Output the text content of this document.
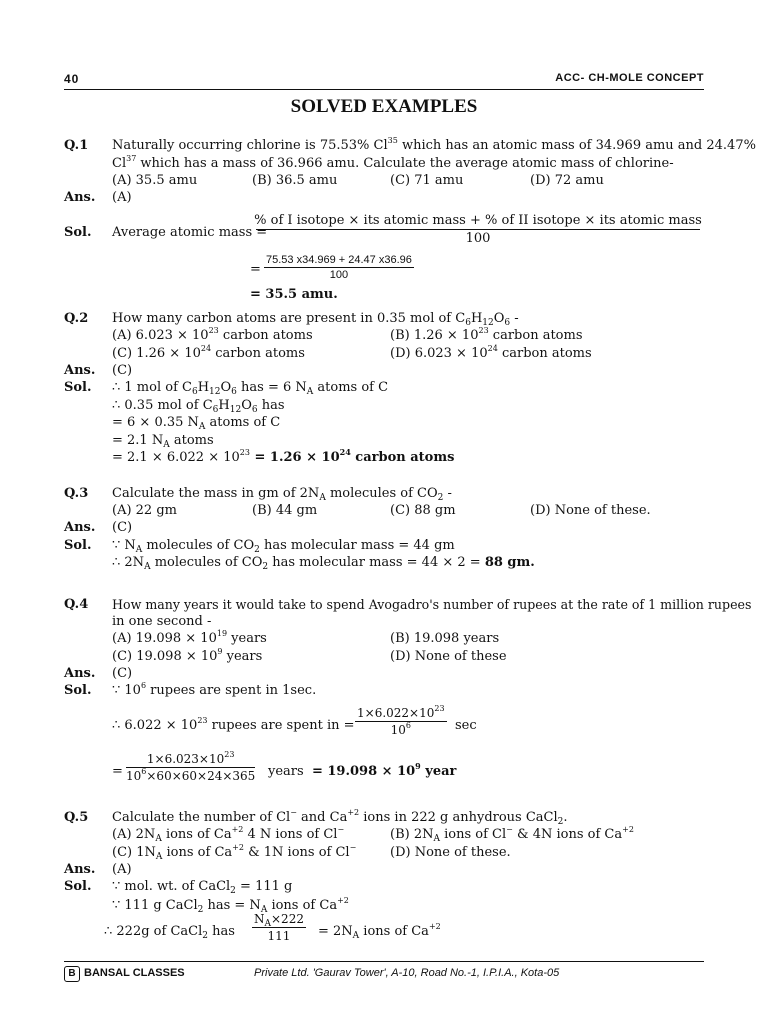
40	ACC- CH-MOLE CONCEPT
SOLVED EXAMPLES
Q.1 Naturally occurring chlorine is 75.53% Cl$^{35}$ which has an atomic mass of 34.969 amu and 24.47%
Cl$^{37}$ which has a mass of 36.966 amu. Calculate the average atomic mass of chlorine-
(A) 35.5 amu	(B) 36.5 amu	(C) 71 amu	(D) 72 amu
Ans. (A)
Sol. Average atomic mass =
% of I isotope × its atomic mass + % of II isotope × its atomic mass
100
=
75.53 x34.969 + 24.47 x36.96
100
= 35.5 amu.
Q.2 How many carbon atoms are present in 0.35 mol of $C_6H_{12}O_6$ -
(A) $6.023 \times 10^{23}$ carbon atoms	(B) $1.26 \times 10^{23}$ carbon atoms
(C) $1.26 \times 10^{24}$ carbon atoms	(D) $6.023 \times 10^{24}$ carbon atoms
Ans. (C)
Sol. ∴ 1 mol of $C_6H_{12}O_6$ has = 6 $N_A$ atoms of C
∴ 0.35 mol of $C_6H_{12}O_6$ has
= 6 × 0.35 $N_A$ atoms of C
= 2.1 $N_A$ atoms
= $2.1 \times 6.022 \times 10^{23} = 1.26 \times 10^{24}$ carbon atoms
Q.3 Calculate the mass in gm of $2N_A$ molecules of $CO_2$ -
(A) 22 gm	(B) 44 gm	(C) 88 gm	(D) None of these.
Ans. (C)
Sol. ∵ $N_A$ molecules of $CO_2$ has molecular mass = 44 gm
∴ $2N_A$ molecules of $CO_2$ has molecular mass = 44 × 2 = 88 gm.
Q.4 How many years it would take to spend Avogadro's number of rupees at the rate of 1 million rupees
in one second -
(A) $19.098 \times 10^{19}$ years	(B) 19.098 years
(C) $19.098 \times 10^9$ years	(D) None of these
Ans. (C)
Sol. ∵ $10^6$ rupees are spent in 1sec.
∴ $6.022 \times 10^{23}$ rupees are spent in =
$1\times 6.022\times 10^{23}$
$10^6$	sec
=
$1\times 6.023\times 10^{23}$
$10^6\times 60\times 60\times 24\times 365$ years = $19.098 \times 10^9$ year
Q.5 Calculate the number of Cl− and $Ca^{+2}$ ions in 222 g anhydrous CaCl$_2$.
(A) $2N_A$ ions of $Ca^{+2}$ 4 N ions of Cl−	(B) $2N_A$ ions of Cl− & 4N ions of $Ca^{+2}$
(C) $1N_A$ ions of $Ca^{+2}$ & 1N ions of Cl−	(D) None of these.
Ans. (A)
Sol. ∵ mol. wt. of CaCl$_2$ = 111 g
∵ 111 g CaCl$_2$ has = $N_A$ ions of $Ca^{+2}$
∴ 222g of CaCl$_2$ has
$N_A\times 222$
$111 = 2N_A$ ions of $Ca^{+2}$
B BANSAL CLASSES	Private Ltd. 'Gaurav Tower', A-10, Road No.-1, I.P.I.A., Kota-05
